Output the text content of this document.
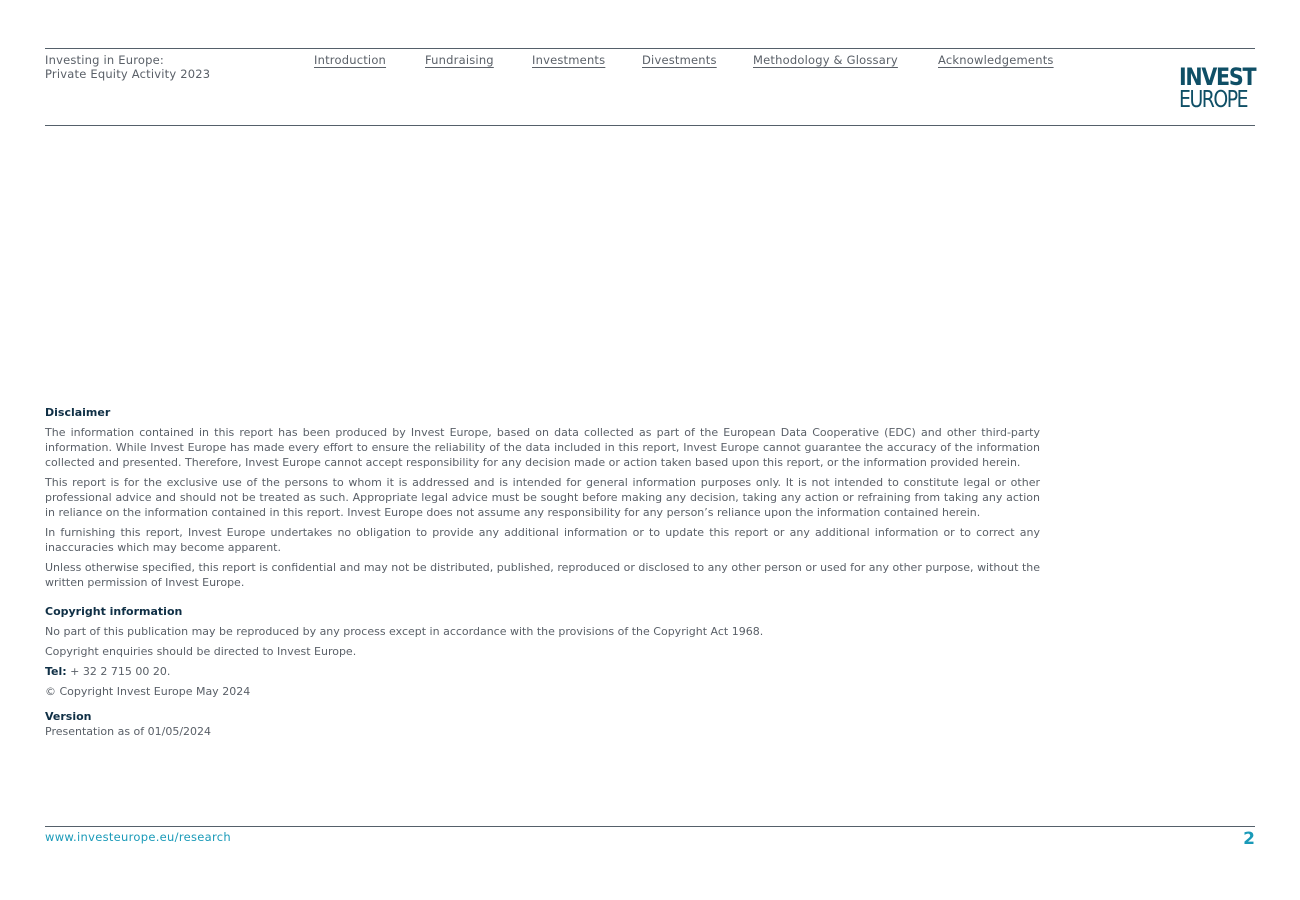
Investing in Europe:
Private Equity Activity 2023
Introduction	Fundraising	Investments	Divestments	Methodology & Glossary	Acknowledgements
INVEST
EUROPE

Disclaimer

The information contained in this report has been produced by Invest Europe, based on data collected as part of the European Data Cooperative (EDC) and other third-party information. While Invest Europe has made every effort to ensure the reliability of the data included in this report, Invest Europe cannot guarantee the accuracy of the information collected and presented. Therefore, Invest Europe cannot accept responsibility for any decision made or action taken based upon this report, or the information provided herein.

This report is for the exclusive use of the persons to whom it is addressed and is intended for general information purposes only. It is not intended to constitute legal or other professional advice and should not be treated as such. Appropriate legal advice must be sought before making any decision, taking any action or refraining from taking any action in reliance on the information contained in this report. Invest Europe does not assume any responsibility for any person’s reliance upon the information contained herein.

In furnishing this report, Invest Europe undertakes no obligation to provide any additional information or to update this report or any additional information or to correct any inaccuracies which may become apparent.

Unless otherwise specified, this report is confidential and may not be distributed, published, reproduced or disclosed to any other person or used for any other purpose, without the written permission of Invest Europe.

Copyright information

No part of this publication may be reproduced by any process except in accordance with the provisions of the Copyright Act 1968.

Copyright enquiries should be directed to Invest Europe.

Tel: + 32 2 715 00 20.

© Copyright Invest Europe May 2024

Version

Presentation as of 01/05/2024

www.investeurope.eu/research	2
